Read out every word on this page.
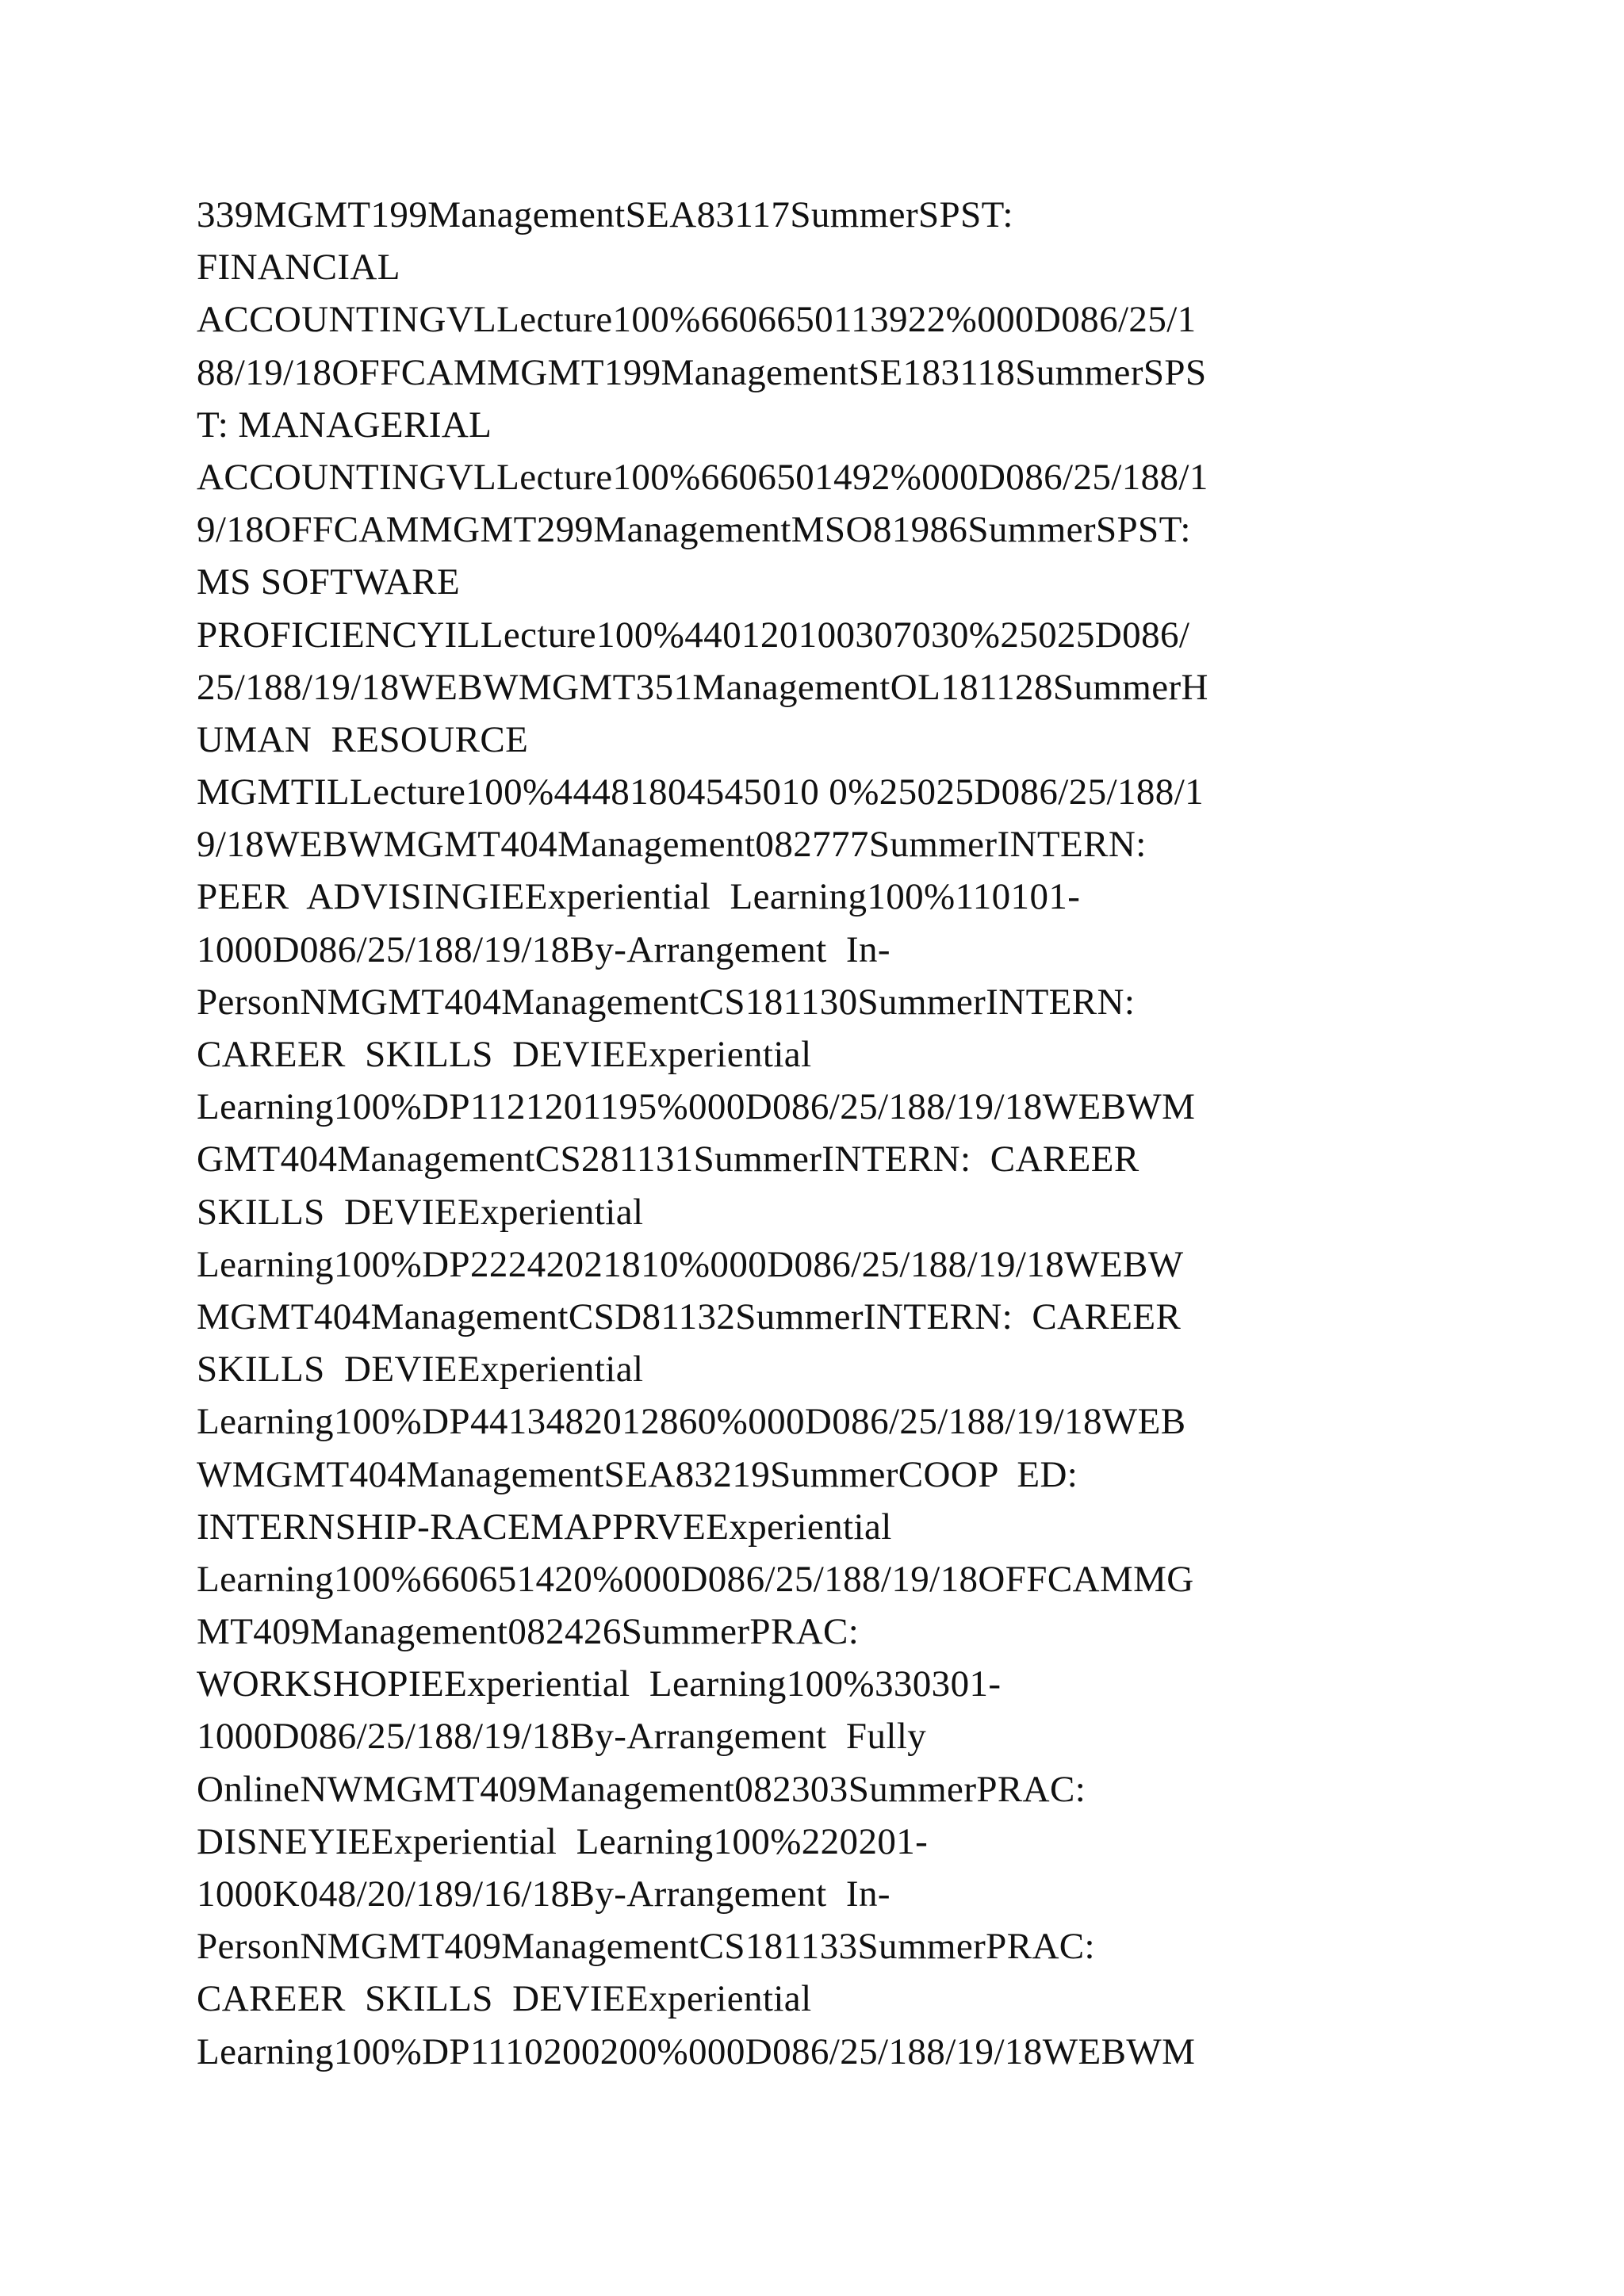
339MGMT199ManagementSEA83117SummerSPST:
FINANCIAL
ACCOUNTINGVLLecture100%6606650113922%000D086/25/1
88/19/18OFFCAMMGMT199ManagementSE183118SummerSPS
T: MANAGERIAL
ACCOUNTINGVLLecture100%6606501492%000D086/25/188/1
9/18OFFCAMMGMT299ManagementMSO81986SummerSPST:
MS SOFTWARE
PROFICIENCYILLecture100%440120100307030%25025D086/
25/188/19/18WEBWMGMT351ManagementOL181128SummerH
UMAN  RESOURCE
MGMTILLecture100%44481804545010 0%25025D086/25/188/1
9/18WEBWMGMT404Management082777SummerINTERN:
PEER  ADVISINGIEExperiential  Learning100%110101-
1000D086/25/188/19/18By-Arrangement  In-
PersonNMGMT404ManagementCS181130SummerINTERN:
CAREER  SKILLS  DEVIEExperiential
Learning100%DP1121201195%000D086/25/188/19/18WEBWM
GMT404ManagementCS281131SummerINTERN:  CAREER
SKILLS  DEVIEExperiential
Learning100%DP22242021810%000D086/25/188/19/18WEBW
MGMT404ManagementCSD81132SummerINTERN:  CAREER
SKILLS  DEVIEExperiential
Learning100%DP4413482012860%000D086/25/188/19/18WEB
WMGMT404ManagementSEA83219SummerCOOP  ED:
INTERNSHIP-RACEMAPPRVEExperiential
Learning100%660651420%000D086/25/188/19/18OFFCAMMG
MT409Management082426SummerPRAC:
WORKSHOPIEExperiential  Learning100%330301-
1000D086/25/188/19/18By-Arrangement  Fully
OnlineNWMGMT409Management082303SummerPRAC:
DISNEYIEExperiential  Learning100%220201-
1000K048/20/189/16/18By-Arrangement  In-
PersonNMGMT409ManagementCS181133SummerPRAC:
CAREER  SKILLS  DEVIEExperiential
Learning100%DP1110200200%000D086/25/188/19/18WEBWM
